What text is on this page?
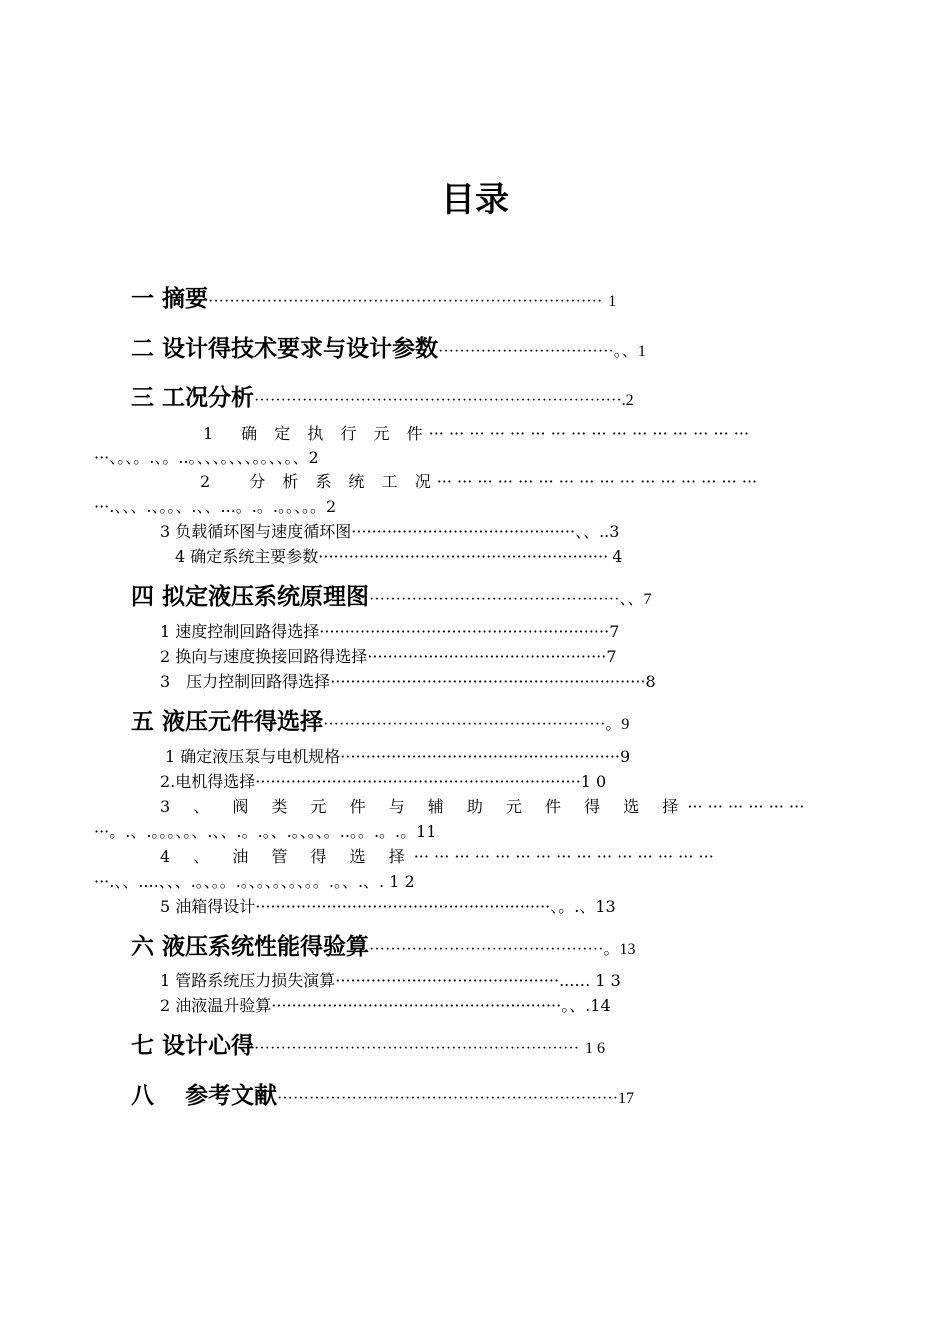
目录
一 摘要·········································································· 1
二 设计得技术要求与设计参数·································。、1
三 工况分析·····································································.2
1　确 定 执 行 元 件··· ··· ··· ··· ··· ··· ··· ··· ··· ··· ··· ··· ··· ··· ··· ···
···、。、。.、。..。、、、。、、、。。、、。、2
2　 分 析 系 统 工 况··· ··· ··· ··· ··· ··· ··· ··· ··· ··· ··· ··· ··· ··· ··· ···
···.、、、.、。。、.、、...。.。.。。、。。2
3 负载循环图与速度循环图············································、、..3
4 确定系统主要参数························································· 4
四 拟定液压系统原理图···············································、、7
1 速度控制回路得选择·························································7
2 换向与速度换接回路得选择···············································7
3　压力控制回路得选择······························································8
五 液压元件得选择·····················································。9
1 确定液压泵与电机规格·······················································9
2.电机得选择································································1 0
3 、 阀 类 元 件 与 辅 助 元 件 得 选 择··· ··· ··· ··· ··· ···
···。.、.。。。、。、.、、.。.。、.。、。、。..。。.。.。11
4 、 油 管 得 选 择··· ··· ··· ··· ··· ··· ··· ··· ··· ··· ··· ··· ··· ··· ···
···.、、....、、、.。、。。.。、。、。、。、。。.。、.、. 1 2
5 油箱得设计··························································、。.、13
六 液压系统性能得验算············································。13
1 管路系统压力损失演算············································...… 1 3
2 油液温升验算·························································。、.14
七 设计心得····························································· 1 6
八　 参考文献································································17
